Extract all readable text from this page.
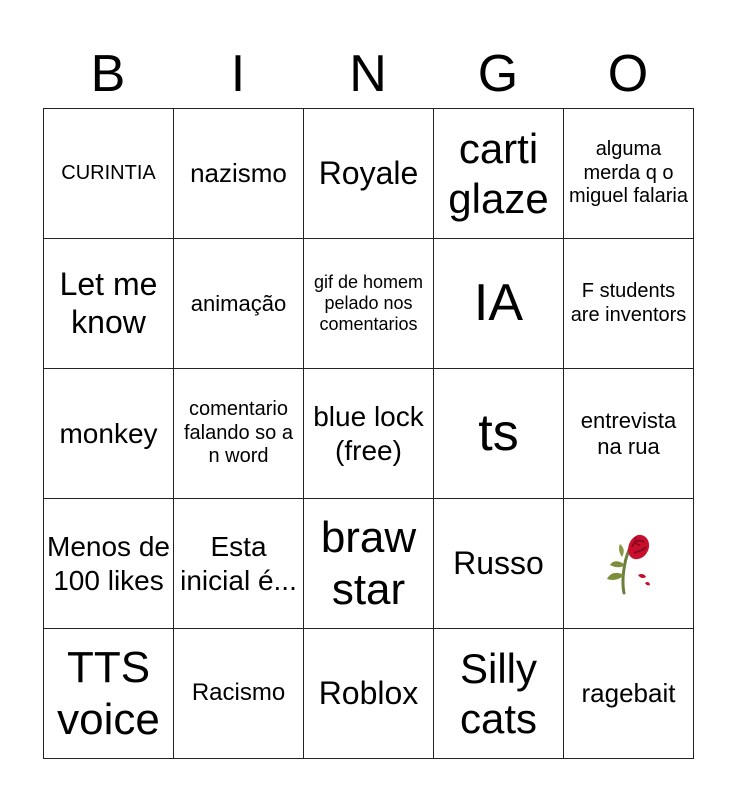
B	I	N	G	O
CURINTIA	nazismo	Royale	carti glaze	alguma merda q o miguel falaria
Let me know	animação	gif de homem pelado nos comentarios	IA	F students are inventors
monkey	comentario falando so a n word	blue lock (free)	ts	entrevista na rua
Menos de 100 likes	Esta inicial é...	braw star	Russo	

TTS voice	Racismo	Roblox	Silly cats	ragebait
